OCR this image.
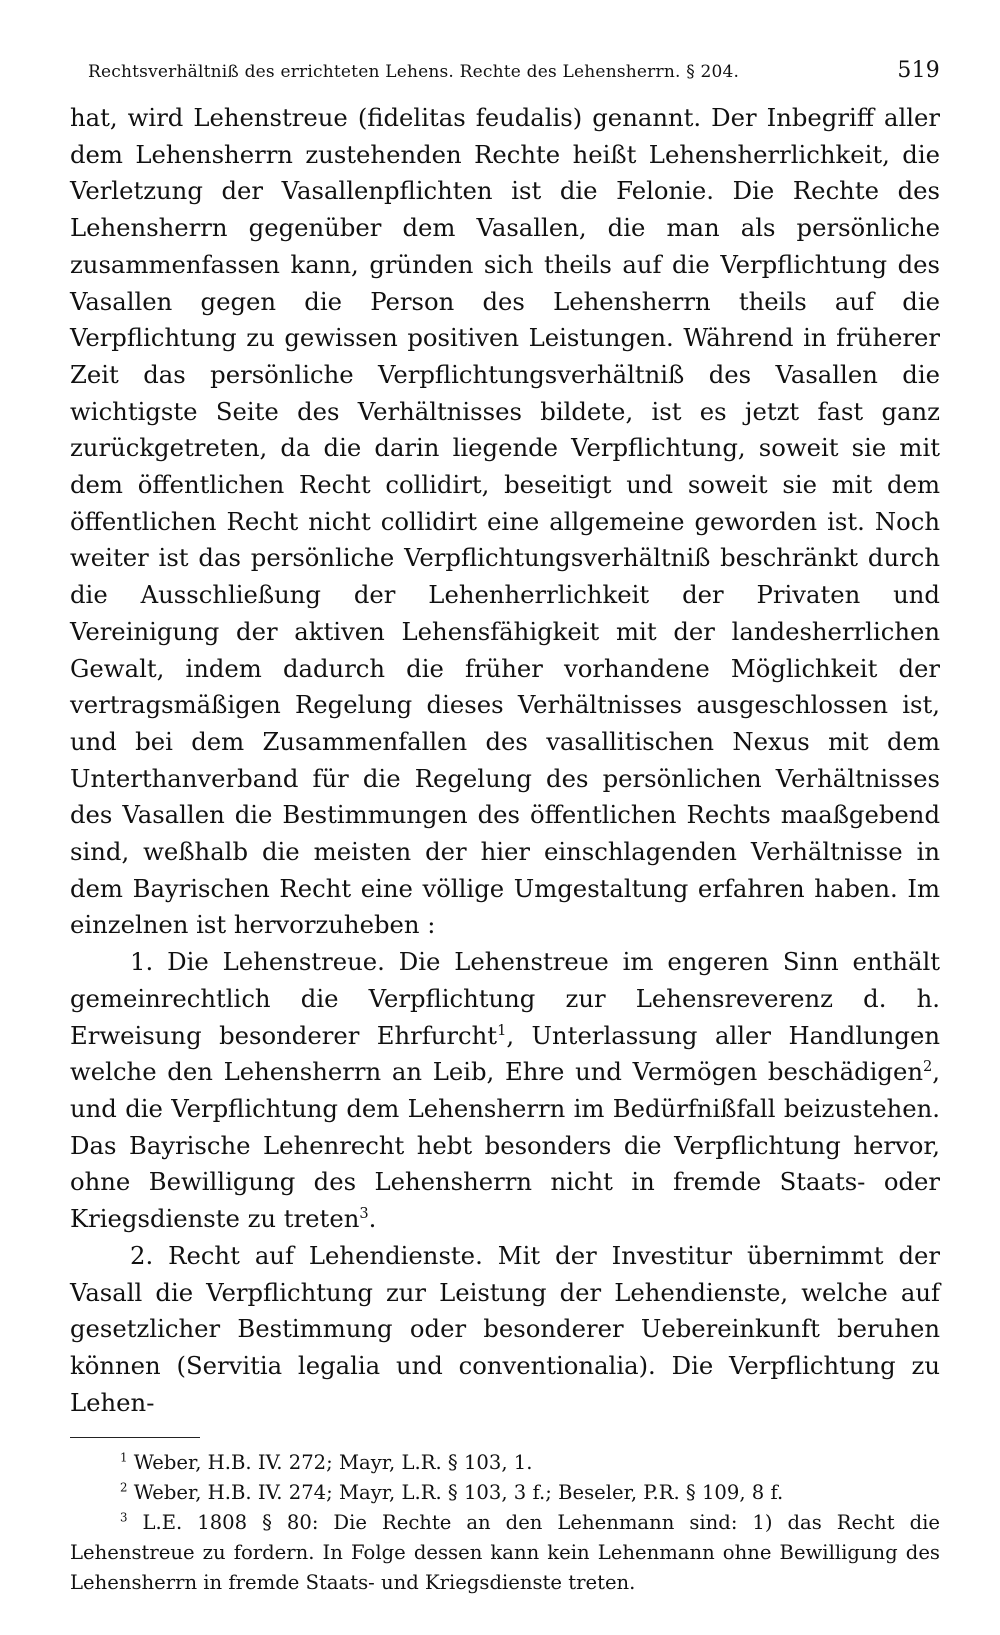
Rechtsverhältniß des errichteten Lehens. Rechte des Lehensherrn. § 204.	519

hat, wird Lehenstreue (fidelitas feudalis) genannt. Der Inbegriff aller dem Lehensherrn zustehenden Rechte heißt Lehensherrlichkeit, die Verletzung der Vasallenpflichten ist die Felonie. Die Rechte des Lehensherrn gegenüber dem Vasallen, die man als persönliche zusammenfassen kann, gründen sich theils auf die Verpflichtung des Vasallen gegen die Person des Lehensherrn theils auf die Verpflichtung zu gewissen positiven Leistungen. Während in früherer Zeit das persönliche Verpflichtungsverhältniß des Vasallen die wichtigste Seite des Verhältnisses bildete, ist es jetzt fast ganz zurückgetreten, da die darin liegende Verpflichtung, soweit sie mit dem öffentlichen Recht collidirt, beseitigt und soweit sie mit dem öffentlichen Recht nicht collidirt eine allgemeine geworden ist. Noch weiter ist das persönliche Verpflichtungsverhältniß beschränkt durch die Ausschließung der Lehenherrlichkeit der Privaten und Vereinigung der aktiven Lehensfähigkeit mit der landesherrlichen Gewalt, indem dadurch die früher vorhandene Möglichkeit der vertragsmäßigen Regelung dieses Verhältnisses ausgeschlossen ist, und bei dem Zusammenfallen des vasallitischen Nexus mit dem Unterthanverband für die Regelung des persönlichen Verhältnisses des Vasallen die Bestimmungen des öffentlichen Rechts maaßgebend sind, weßhalb die meisten der hier einschlagenden Verhältnisse in dem Bayrischen Recht eine völlige Umgestaltung erfahren haben. Im einzelnen ist hervorzuheben :

1. Die Lehenstreue. Die Lehenstreue im engeren Sinn enthält gemeinrechtlich die Verpflichtung zur Lehensreverenz d. h. Erweisung besonderer Ehrfurcht$^1$, Unterlassung aller Handlungen welche den Lehensherrn an Leib, Ehre und Vermögen beschädigen$^2$, und die Verpflichtung dem Lehensherrn im Bedürfnißfall beizustehen. Das Bayrische Lehenrecht hebt besonders die Verpflichtung hervor, ohne Bewilligung des Lehensherrn nicht in fremde Staats- oder Kriegsdienste zu treten$^3$.

2. Recht auf Lehendienste. Mit der Investitur übernimmt der Vasall die Verpflichtung zur Leistung der Lehendienste, welche auf gesetzlicher Bestimmung oder besonderer Uebereinkunft beruhen können (Servitia legalia und conventionalia). Die Verpflichtung zu Lehen-

$^1$ Weber, H.B. IV. 272; Mayr, L.R. § 103, 1.

$^2$ Weber, H.B. IV. 274; Mayr, L.R. § 103, 3 f.; Beseler, P.R. § 109, 8 f.

$^3$ L.E. 1808 § 80: Die Rechte an den Lehenmann sind: 1) das Recht die Lehenstreue zu fordern. In Folge dessen kann kein Lehenmann ohne Bewilligung des Lehensherrn in fremde Staats- und Kriegsdienste treten.
